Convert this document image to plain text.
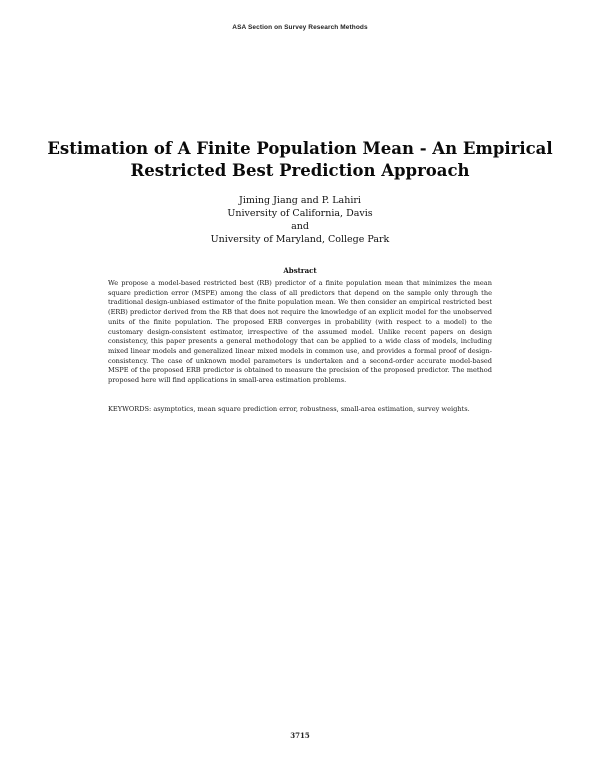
ASA Section on Survey Research Methods
Estimation of A Finite Population Mean - An Empirical
Restricted Best Prediction Approach
Jiming Jiang and P. Lahiri
University of California, Davis
and
University of Maryland, College Park
Abstract
We propose a model-based restricted best (RB) predictor of a finite population mean that minimizes the mean square prediction error (MSPE) among the class of all predictors that depend on the sample only through the traditional design-unbiased estimator of the finite population mean. We then consider an empirical restricted best (ERB) predictor derived from the RB that does not require the knowledge of an explicit model for the unobserved units of the finite population. The proposed ERB converges in probability (with respect to a model) to the customary design-consistent estimator, irrespective of the assumed model. Unlike recent papers on design consistency, this paper presents a general methodology that can be applied to a wide class of models, including mixed linear models and generalized linear mixed models in common use, and provides a formal proof of design-consistency. The case of unknown model parameters is undertaken and a second-order accurate model-based MSPE of the proposed ERB predictor is obtained to measure the precision of the proposed predictor. The method proposed here will find applications in small-area estimation problems.
KEYWORDS: asymptotics, mean square prediction error, robustness, small-area estimation, survey weights.
3715
